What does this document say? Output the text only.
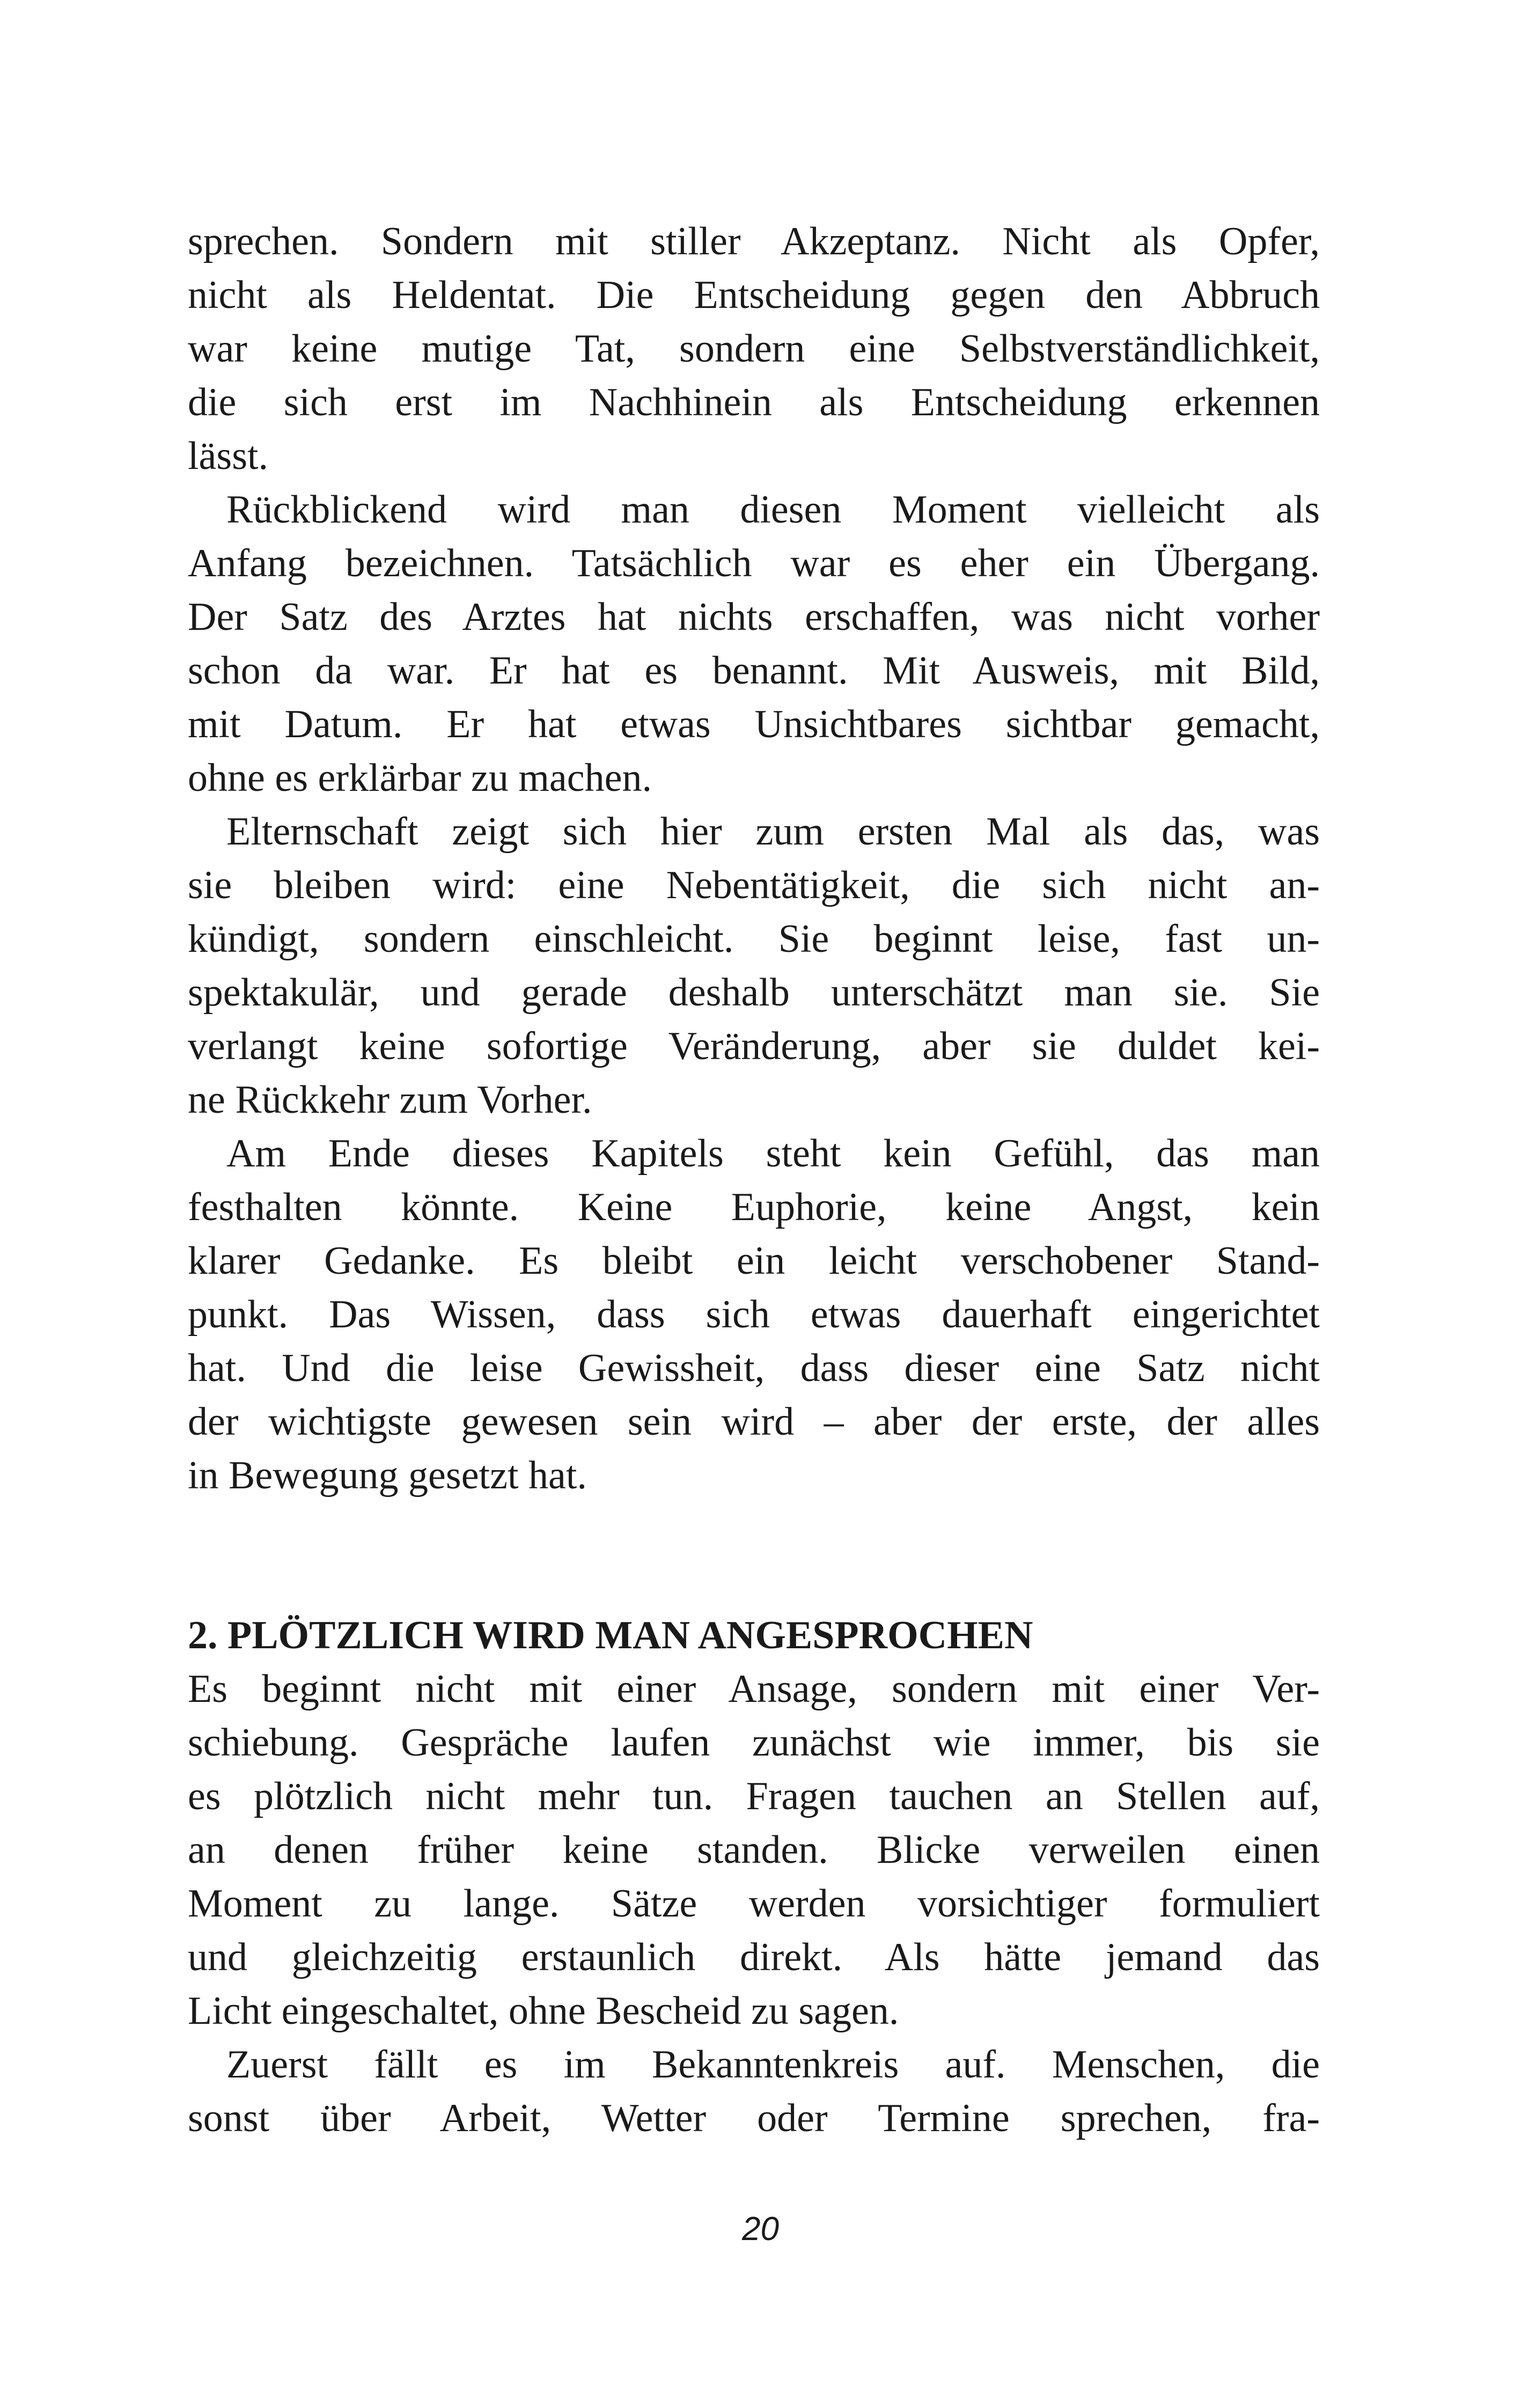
sprechen. Sondern mit stiller Akzeptanz. Nicht als Opfer,
nicht als Heldentat. Die Entscheidung gegen den Abbruch
war keine mutige Tat, sondern eine Selbstverständlichkeit,
die sich erst im Nachhinein als Entscheidung erkennen
lässt.
Rückblickend wird man diesen Moment vielleicht als
Anfang bezeichnen. Tatsächlich war es eher ein Übergang.
Der Satz des Arztes hat nichts erschaffen, was nicht vorher
schon da war. Er hat es benannt. Mit Ausweis, mit Bild,
mit Datum. Er hat etwas Unsichtbares sichtbar gemacht,
ohne es erklärbar zu machen.
Elternschaft zeigt sich hier zum ersten Mal als das, was
sie bleiben wird: eine Nebentätigkeit, die sich nicht an-
kündigt, sondern einschleicht. Sie beginnt leise, fast un-
spektakulär, und gerade deshalb unterschätzt man sie. Sie
verlangt keine sofortige Veränderung, aber sie duldet kei-
ne Rückkehr zum Vorher.
Am Ende dieses Kapitels steht kein Gefühl, das man
festhalten könnte. Keine Euphorie, keine Angst, kein
klarer Gedanke. Es bleibt ein leicht verschobener Stand-
punkt. Das Wissen, dass sich etwas dauerhaft eingerichtet
hat. Und die leise Gewissheit, dass dieser eine Satz nicht
der wichtigste gewesen sein wird – aber der erste, der alles
in Bewegung gesetzt hat.
2. PLÖTZLICH WIRD MAN ANGESPROCHEN
Es beginnt nicht mit einer Ansage, sondern mit einer Ver-
schiebung. Gespräche laufen zunächst wie immer, bis sie
es plötzlich nicht mehr tun. Fragen tauchen an Stellen auf,
an denen früher keine standen. Blicke verweilen einen
Moment zu lange. Sätze werden vorsichtiger formuliert
und gleichzeitig erstaunlich direkt. Als hätte jemand das
Licht eingeschaltet, ohne Bescheid zu sagen.
Zuerst fällt es im Bekanntenkreis auf. Menschen, die
sonst über Arbeit, Wetter oder Termine sprechen, fra-
20
